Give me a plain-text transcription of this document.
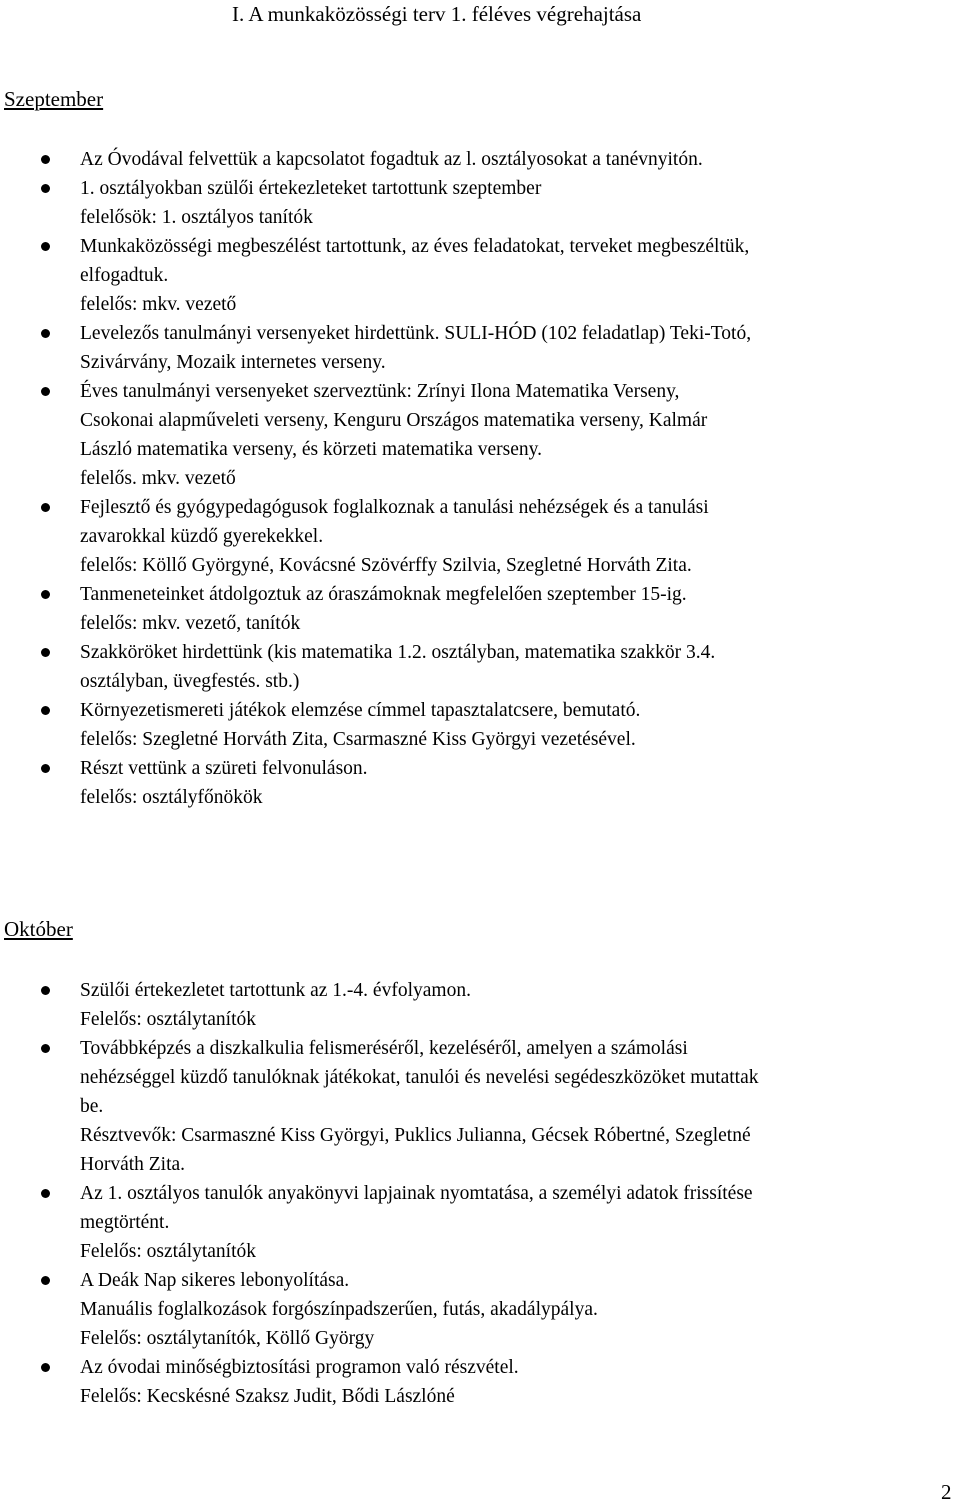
I. A munkaközösségi terv 1. féléves végrehajtása
Szeptember
Az Óvodával felvettük a kapcsolatot fogadtuk az l. osztályosokat a tanévnyitón.
1. osztályokban szülői értekezleteket tartottunk szeptember
felelősök: 1. osztályos tanítók
Munkaközösségi megbeszélést tartottunk, az éves feladatokat, terveket megbeszéltük,
elfogadtuk.
felelős: mkv. vezető
Levelezős tanulmányi versenyeket hirdettünk. SULI-HÓD (102 feladatlap) Teki-Totó,
Szivárvány, Mozaik internetes verseny.
Éves tanulmányi versenyeket szerveztünk: Zrínyi Ilona Matematika Verseny,
Csokonai alapműveleti verseny, Kenguru Országos matematika verseny, Kalmár
László matematika verseny, és körzeti matematika verseny.
felelős. mkv. vezető
Fejlesztő és gyógypedagógusok foglalkoznak a tanulási nehézségek és a tanulási
zavarokkal küzdő gyerekekkel.
felelős: Köllő Györgyné, Kovácsné Szövérffy Szilvia, Szegletné Horváth Zita.
Tanmeneteinket átdolgoztuk az óraszámoknak megfelelően szeptember 15-ig.
felelős: mkv. vezető, tanítók
Szakköröket hirdettünk (kis matematika 1.2. osztályban, matematika szakkör 3.4.
osztályban, üvegfestés. stb.)
Környezetismereti játékok elemzése címmel tapasztalatcsere, bemutató.
felelős: Szegletné Horváth Zita, Csarmaszné Kiss Györgyi vezetésével.
Részt vettünk a szüreti felvonuláson.
felelős: osztályfőnökök
Október
Szülői értekezletet tartottunk az 1.-4. évfolyamon.
Felelős: osztálytanítók
Továbbképzés a diszkalkulia felismeréséről, kezeléséről, amelyen a számolási
nehézséggel küzdő tanulóknak játékokat, tanulói és nevelési segédeszközöket mutattak
be.
Résztvevők: Csarmaszné Kiss Györgyi, Puklics Julianna, Gécsek Róbertné, Szegletné
Horváth Zita.
Az 1. osztályos tanulók anyakönyvi lapjainak nyomtatása, a személyi adatok frissítése
megtörtént.
Felelős: osztálytanítók
A Deák Nap sikeres lebonyolítása.
Manuális foglalkozások forgószínpadszerűen, futás, akadálypálya.
Felelős: osztálytanítók, Köllő György
Az óvodai minőségbiztosítási programon való részvétel.
Felelős: Kecskésné Szaksz Judit, Bődi Lászlóné
2
